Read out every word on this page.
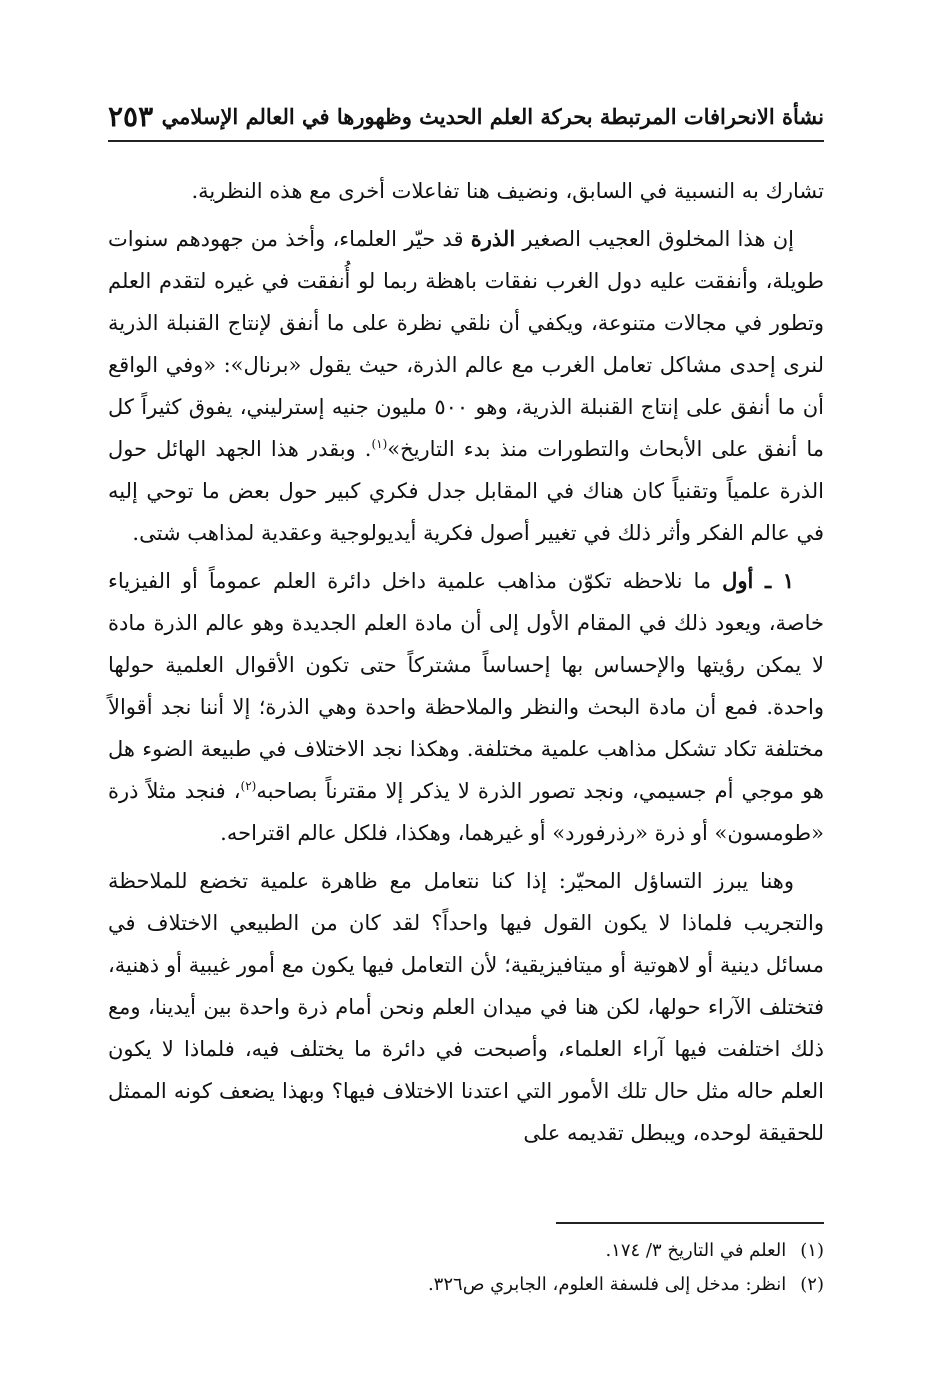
نشأة الانحرافات المرتبطة بحركة العلم الحديث وظهورها في العالم الإسلامي
٢٥٣

تشارك به النسبية في السابق، ونضيف هنا تفاعلات أخرى مع هذه النظرية.

إن هذا المخلوق العجيب الصغير الذرة قد حيّر العلماء، وأخذ من جهودهم سنوات طويلة، وأنفقت عليه دول الغرب نفقات باهظة ربما لو أُنفقت في غيره لتقدم العلم وتطور في مجالات متنوعة، ويكفي أن نلقي نظرة على ما أنفق لإنتاج القنبلة الذرية لنرى إحدى مشاكل تعامل الغرب مع عالم الذرة، حيث يقول «برنال»: «وفي الواقع أن ما أنفق على إنتاج القنبلة الذرية، وهو ٥٠٠ مليون جنيه إسترليني، يفوق كثيراً كل ما أنفق على الأبحاث والتطورات منذ بدء التاريخ»$^{(١)}$. وبقدر هذا الجهد الهائل حول الذرة علمياً وتقنياً كان هناك في المقابل جدل فكري كبير حول بعض ما توحي إليه في عالم الفكر وأثر ذلك في تغيير أصول فكرية أيديولوجية وعقدية لمذاهب شتى.

١ ـ أول ما نلاحظه تكوّن مذاهب علمية داخل دائرة العلم عموماً أو الفيزياء خاصة، ويعود ذلك في المقام الأول إلى أن مادة العلم الجديدة وهو عالم الذرة مادة لا يمكن رؤيتها والإحساس بها إحساساً مشتركاً حتى تكون الأقوال العلمية حولها واحدة. فمع أن مادة البحث والنظر والملاحظة واحدة وهي الذرة؛ إلا أننا نجد أقوالاً مختلفة تكاد تشكل مذاهب علمية مختلفة. وهكذا نجد الاختلاف في طبيعة الضوء هل هو موجي أم جسيمي، ونجد تصور الذرة لا يذكر إلا مقترناً بصاحبه$^{(٢)}$، فنجد مثلاً ذرة «طومسون» أو ذرة «رذرفورد» أو غيرهما، وهكذا، فلكل عالم اقتراحه.

وهنا يبرز التساؤل المحيّر: إذا كنا نتعامل مع ظاهرة علمية تخضع للملاحظة والتجريب فلماذا لا يكون القول فيها واحداً؟ لقد كان من الطبيعي الاختلاف في مسائل دينية أو لاهوتية أو ميتافيزيقية؛ لأن التعامل فيها يكون مع أمور غيبية أو ذهنية، فتختلف الآراء حولها، لكن هنا في ميدان العلم ونحن أمام ذرة واحدة بين أيدينا، ومع ذلك اختلفت فيها آراء العلماء، وأصبحت في دائرة ما يختلف فيه، فلماذا لا يكون العلم حاله مثل حال تلك الأمور التي اعتدنا الاختلاف فيها؟ وبهذا يضعف كونه الممثل للحقيقة لوحده، ويبطل تقديمه على

(١)العلم في التاريخ ٣/ ١٧٤.
(٢)انظر: مدخل إلى فلسفة العلوم، الجابري ص٣٢٦.
